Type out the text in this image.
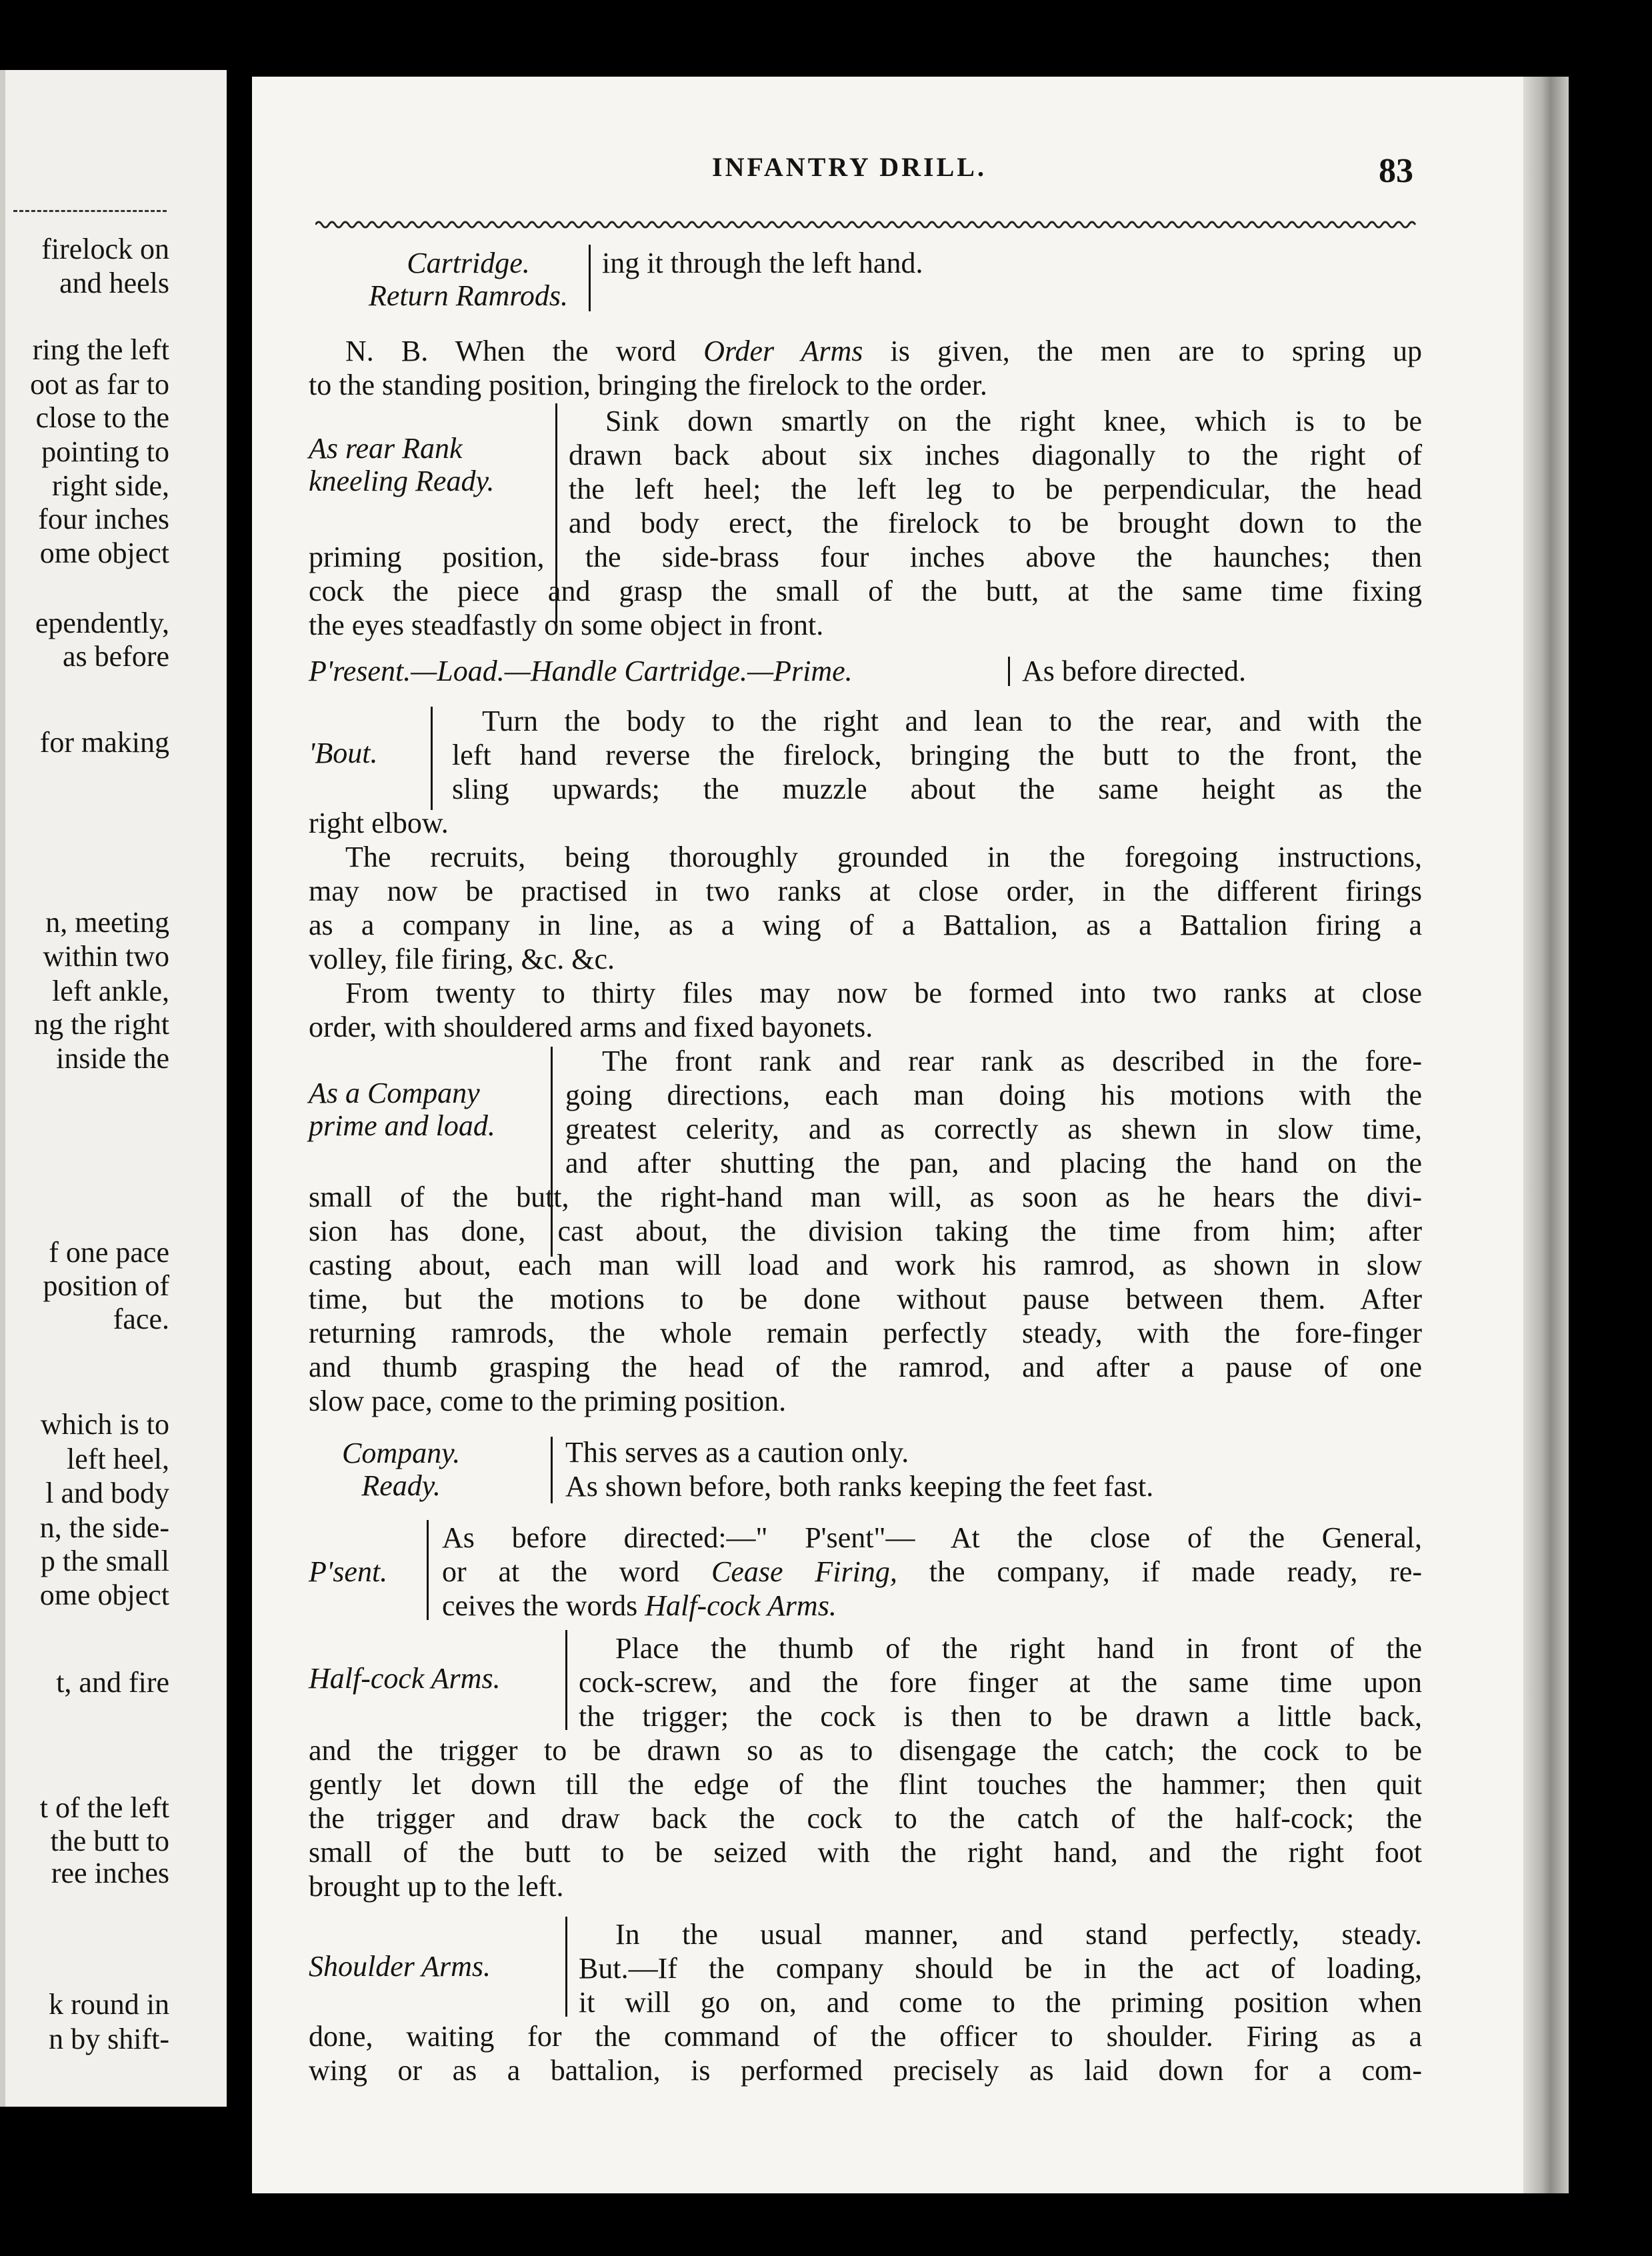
firelock on
and heels
ring the left
oot as far to
close to the
pointing to
right side,
four inches
ome object
ependently,
as before
for making
n, meeting
within two
left ankle,
ng the right
inside the
f one pace
position of
face.
which is to
left heel,
l and body
n, the side-
p the small
ome object
t, and fire
t of the left
the butt to
ree inches
k round in
n by shift-
INFANTRY DRILL.	83
Cartridge.
Return Ramrods.
ing it through the left hand.
N. B. When the word Order Arms is given, the men are to spring up
to the standing position, bringing the firelock to the order.
As rear Rank
kneeling Ready.
Sink down smartly on the right knee, which is to be
drawn back about six inches diagonally to the right of
the left heel; the left leg to be perpendicular, the head
and body erect, the firelock to be brought down to the
priming position, the side-brass four inches above the haunches; then
cock the piece and grasp the small of the butt, at the same time fixing
the eyes steadfastly on some object in front.
P'resent.—Load.—Handle Cartridge.—Prime.	As before directed.
'Bout.
Turn the body to the right and lean to the rear, and with the
left hand reverse the firelock, bringing the butt to the front, the
sling upwards; the muzzle about the same height as the
right elbow.
The recruits, being thoroughly grounded in the foregoing instructions,
may now be practised in two ranks at close order, in the different firings
as a company in line, as a wing of a Battalion, as a Battalion firing a
volley, file firing, &c. &c.
From twenty to thirty files may now be formed into two ranks at close
order, with shouldered arms and fixed bayonets.
As a Company
prime and load.
The front rank and rear rank as described in the fore-
going directions, each man doing his motions with the
greatest celerity, and as correctly as shewn in slow time,
and after shutting the pan, and placing the hand on the
small of the butt, the right-hand man will, as soon as he hears the divi-
sion has done, cast about, the division taking the time from him; after
casting about, each man will load and work his ramrod, as shown in slow
time, but the motions to be done without pause between them. After
returning ramrods, the whole remain perfectly steady, with the fore-finger
and thumb grasping the head of the ramrod, and after a pause of one
slow pace, come to the priming position.
Company.
Ready.
This serves as a caution only.
As shown before, both ranks keeping the feet fast.
P'sent.
As before directed:—" P'sent"— At the close of the General,
or at the word Cease Firing, the company, if made ready, re-
ceives the words Half-cock Arms.
Half-cock Arms.
Place the thumb of the right hand in front of the
cock-screw, and the fore finger at the same time upon
the trigger; the cock is then to be drawn a little back,
and the trigger to be drawn so as to disengage the catch; the cock to be
gently let down till the edge of the flint touches the hammer; then quit
the trigger and draw back the cock to the catch of the half-cock; the
small of the butt to be seized with the right hand, and the right foot
brought up to the left.
Shoulder Arms.
In the usual manner, and stand perfectly, steady.
But.—If the company should be in the act of loading,
it will go on, and come to the priming position when
done, waiting for the command of the officer to shoulder. Firing as a
wing or as a battalion, is performed precisely as laid down for a com-
